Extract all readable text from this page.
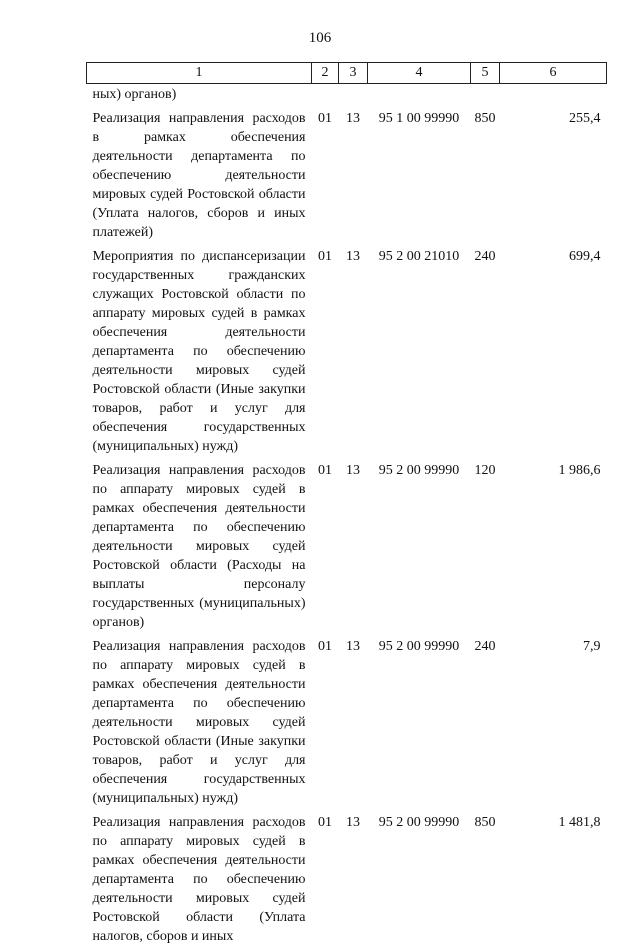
106
1	2	3	4	5	6
ных) органов)					
Реализация направления расходов в рамках обеспечения деятельности департамента по обеспечению деятельности мировых судей Ростовской области (Уплата налогов, сборов и иных платежей)	01	13	95 1 00 99990	850	255,4
Мероприятия по диспансеризации государственных гражданских служащих Ростовской области по аппарату мировых судей в рамках обеспечения деятельности департамента по обеспечению деятельности мировых судей Ростовской области (Иные закупки товаров, работ и услуг для обеспечения государственных (муниципальных) нужд)	01	13	95 2 00 21010	240	699,4
Реализация направления расходов по аппарату мировых судей в рамках обеспечения деятельности департамента по обеспечению деятельности мировых судей Ростовской области (Расходы на выплаты персоналу государственных (муниципальных) органов)	01	13	95 2 00 99990	120	1 986,6
Реализация направления расходов по аппарату мировых судей в рамках обеспечения деятельности департамента по обеспечению деятельности мировых судей Ростовской области (Иные закупки товаров, работ и услуг для обеспечения государственных (муниципальных) нужд)	01	13	95 2 00 99990	240	7,9
Реализация направления расходов по аппарату мировых судей в рамках обеспечения деятельности департамента по обеспечению деятельности мировых судей Ростовской области (Уплата налогов, сборов и иных	01	13	95 2 00 99990	850	1 481,8
